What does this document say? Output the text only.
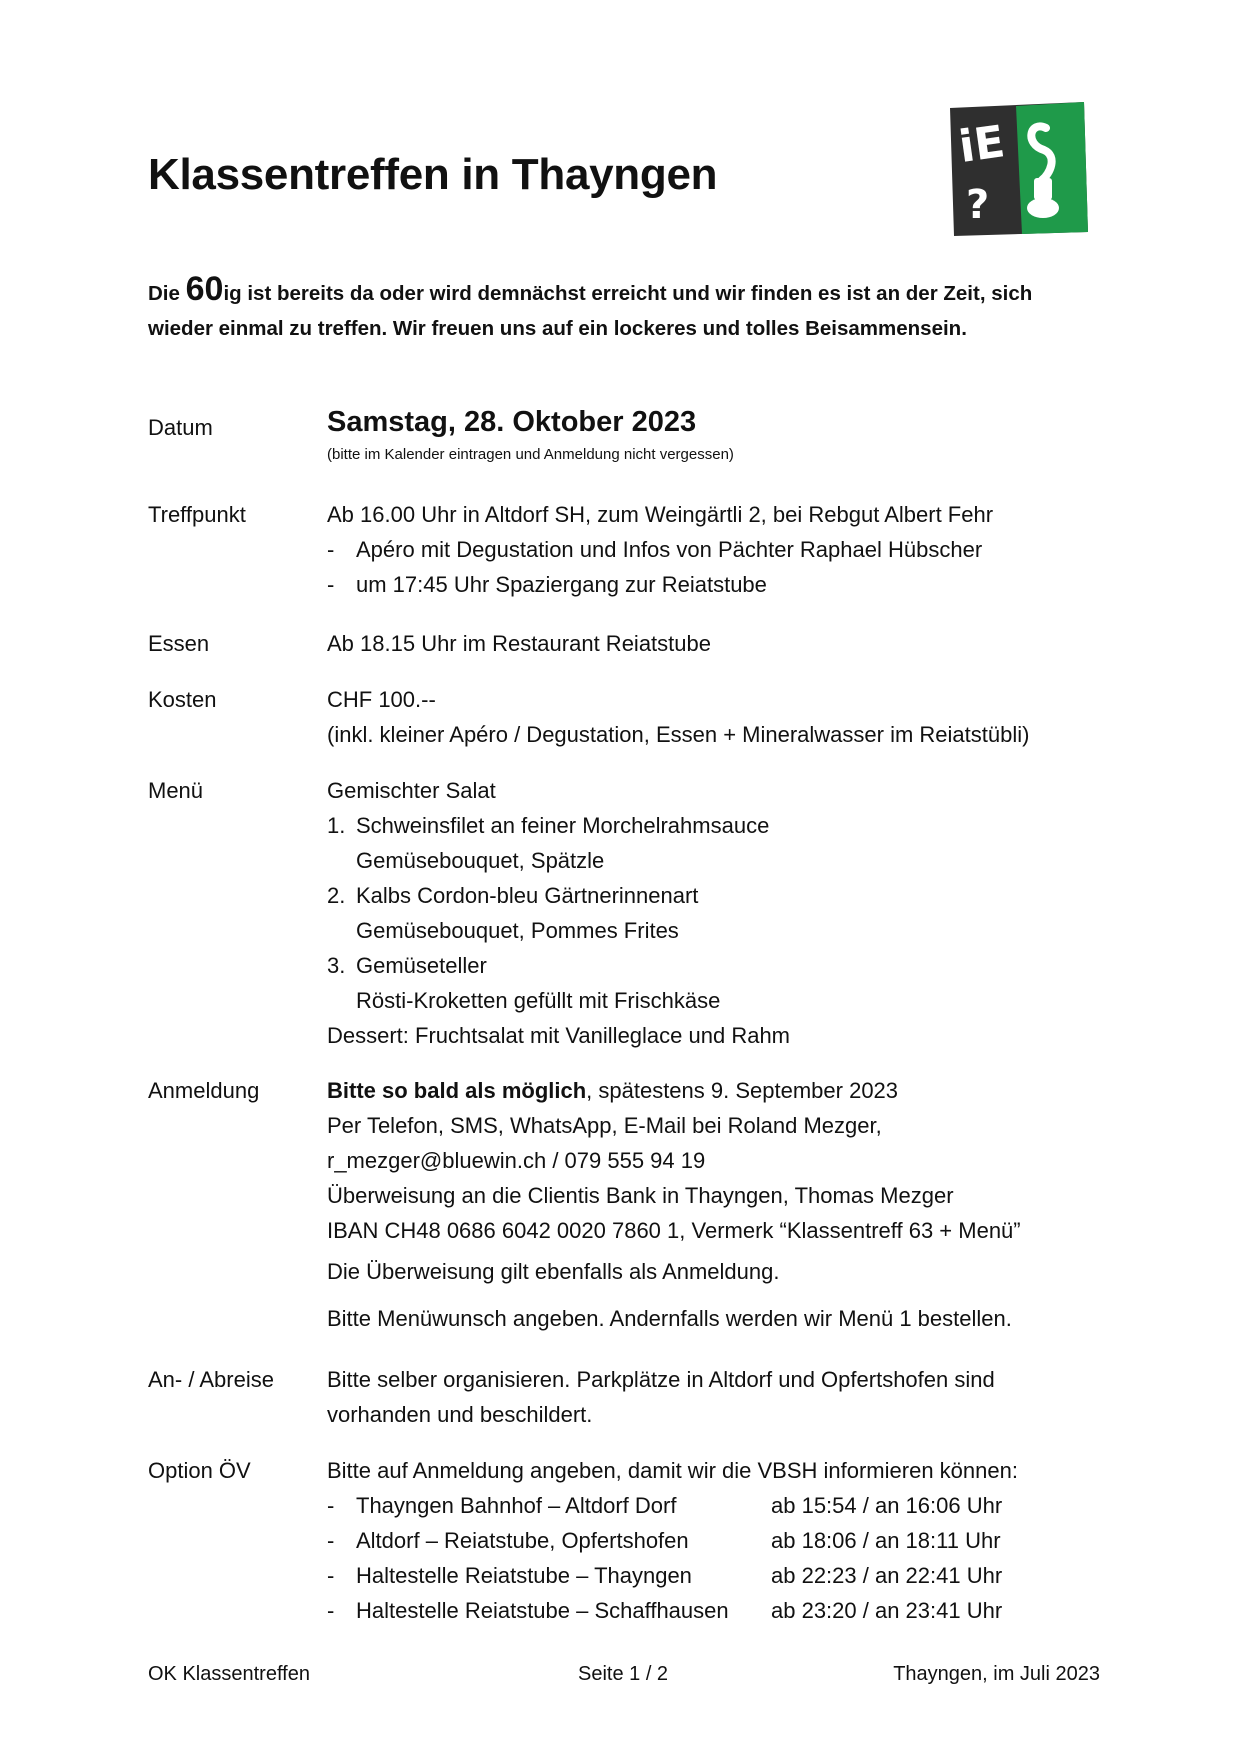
Klassentreffen in Thayngen
iE
?
Die 60ig ist bereits da oder wird demnächst erreicht und wir finden es ist an der Zeit, sich
wieder einmal zu treffen. Wir freuen uns auf ein lockeres und tolles Beisammensein.
Datum	Samstag, 28. Oktober 2023
(bitte im Kalender eintragen und Anmeldung nicht vergessen)
Treffpunkt	Ab 16.00 Uhr in Altdorf SH, zum Weingärtli 2, bei Rebgut Albert Fehr
- Apéro mit Degustation und Infos von Pächter Raphael Hübscher
- um 17:45 Uhr Spaziergang zur Reiatstube
Essen	Ab 18.15 Uhr im Restaurant Reiatstube
Kosten	CHF 100.--
(inkl. kleiner Apéro / Degustation, Essen + Mineralwasser im Reiatstübli)
Menü	Gemischter Salat
1. Schweinsfilet an feiner Morchelrahmsauce
Gemüsebouquet, Spätzle
2. Kalbs Cordon-bleu Gärtnerinnenart
Gemüsebouquet, Pommes Frites
3. Gemüseteller
Rösti-Kroketten gefüllt mit Frischkäse
Dessert: Fruchtsalat mit Vanilleglace und Rahm
Anmeldung	Bitte so bald als möglich, spätestens 9. September 2023
Per Telefon, SMS, WhatsApp, E-Mail bei Roland Mezger,
r_mezger@bluewin.ch / 079 555 94 19
Überweisung an die Clientis Bank in Thayngen, Thomas Mezger
IBAN CH48 0686 6042 0020 7860 1, Vermerk “Klassentreff 63 + Menü”
Die Überweisung gilt ebenfalls als Anmeldung.
Bitte Menüwunsch angeben. Andernfalls werden wir Menü 1 bestellen.
An- / Abreise	Bitte selber organisieren. Parkplätze in Altdorf und Opfertshofen sind
vorhanden und beschildert.
Option ÖV	Bitte auf Anmeldung angeben, damit wir die VBSH informieren können:
- Thayngen Bahnhof – Altdorf Dorf	ab 15:54 / an 16:06 Uhr
- Altdorf – Reiatstube, Opfertshofen	ab 18:06 / an 18:11 Uhr
- Haltestelle Reiatstube – Thayngen	ab 22:23 / an 22:41 Uhr
- Haltestelle Reiatstube – Schaffhausen ab 23:20 / an 23:41 Uhr
OK Klassentreffen	Seite 1 / 2	Thayngen, im Juli 2023
